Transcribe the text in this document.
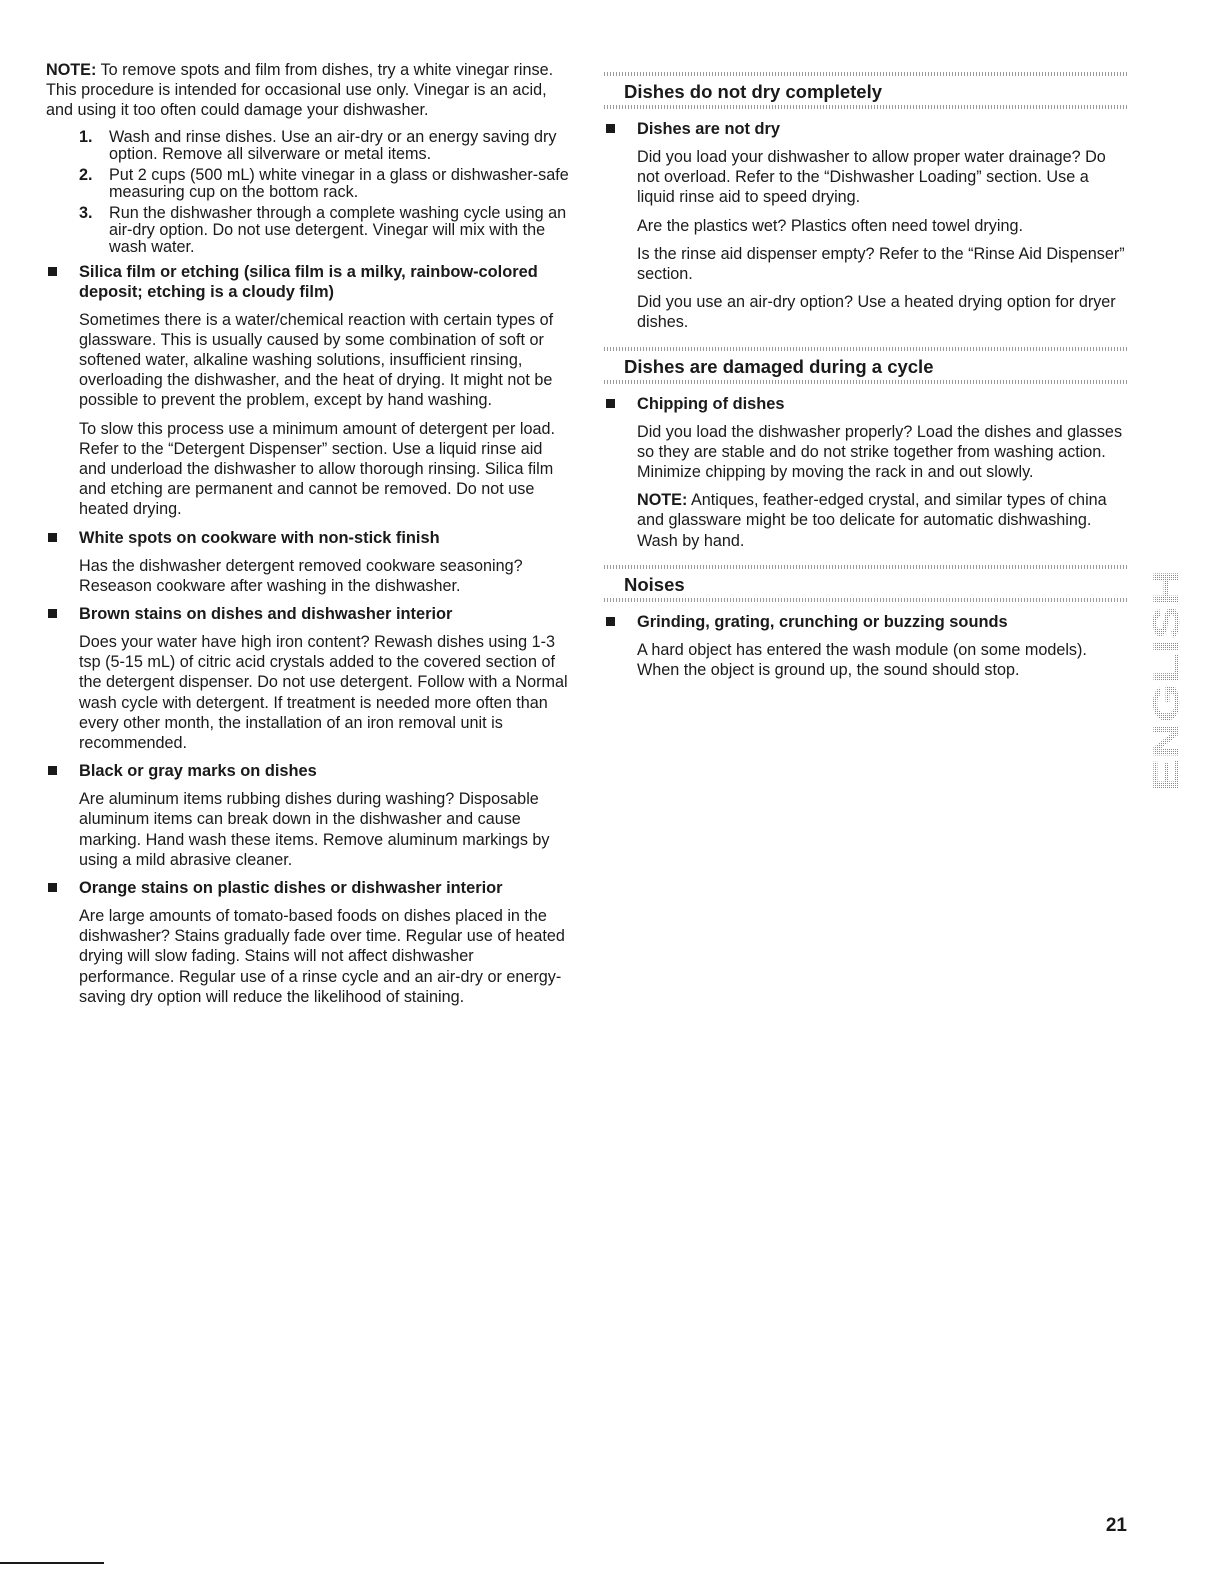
NOTE: To remove spots and film from dishes, try a white vinegar rinse. This procedure is intended for occasional use only. Vinegar is an acid, and using it too often could damage your dishwasher.

1. Wash and rinse dishes. Use an air-dry or an energy saving dry option. Remove all silverware or metal items.
2. Put 2 cups (500 mL) white vinegar in a glass or dishwasher-safe measuring cup on the bottom rack.
3. Run the dishwasher through a complete washing cycle using an air-dry option. Do not use detergent. Vinegar will mix with the wash water.
Silica film or etching (silica film is a milky, rainbow-colored deposit; etching is a cloudy film)

Sometimes there is a water/chemical reaction with certain types of glassware. This is usually caused by some combination of soft or softened water, alkaline washing solutions, insufficient rinsing, overloading the dishwasher, and the heat of drying. It might not be possible to prevent the problem, except by hand washing.

To slow this process use a minimum amount of detergent per load. Refer to the “Detergent Dispenser” section. Use a liquid rinse aid and underload the dishwasher to allow thorough rinsing. Silica film and etching are permanent and cannot be removed. Do not use heated drying.

White spots on cookware with non-stick finish

Has the dishwasher detergent removed cookware seasoning? Reseason cookware after washing in the dishwasher.

Brown stains on dishes and dishwasher interior

Does your water have high iron content? Rewash dishes using 1-3 tsp (5-15 mL) of citric acid crystals added to the covered section of the detergent dispenser. Do not use detergent. Follow with a Normal wash cycle with detergent. If treatment is needed more often than every other month, the installation of an iron removal unit is recommended.

Black or gray marks on dishes

Are aluminum items rubbing dishes during washing? Disposable aluminum items can break down in the dishwasher and cause marking. Hand wash these items. Remove aluminum markings by using a mild abrasive cleaner.

Orange stains on plastic dishes or dishwasher interior

Are large amounts of tomato-based foods on dishes placed in the dishwasher? Stains gradually fade over time. Regular use of heated drying will slow fading. Stains will not affect dishwasher performance. Regular use of a rinse cycle and an air-dry or energy-saving dry option will reduce the likelihood of staining.

Dishes do not dry completely
Dishes are not dry

Did you load your dishwasher to allow proper water drainage? Do not overload. Refer to the “Dishwasher Loading” section. Use a liquid rinse aid to speed drying.

Are the plastics wet? Plastics often need towel drying.

Is the rinse aid dispenser empty? Refer to the “Rinse Aid Dispenser” section.

Did you use an air-dry option? Use a heated drying option for dryer dishes.

Dishes are damaged during a cycle
Chipping of dishes

Did you load the dishwasher properly? Load the dishes and glasses so they are stable and do not strike together from washing action. Minimize chipping by moving the rack in and out slowly.

NOTE: Antiques, feather-edged crystal, and similar types of china and glassware might be too delicate for automatic dishwashing. Wash by hand.

Noises
Grinding, grating, crunching or buzzing sounds

A hard object has entered the wash module (on some models). When the object is ground up, the sound should stop.	ENGLISH
21
